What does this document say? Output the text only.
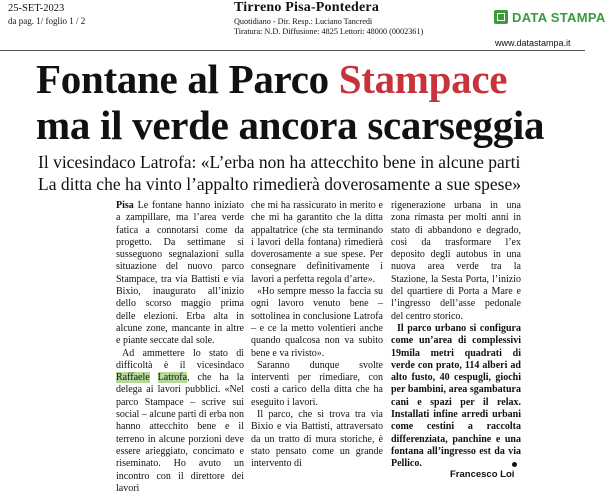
25-SET-2023
da pag. 1/ foglio 1 / 2
Tirreno Pisa-Pontedera
Quotidiano - Dir. Resp.: Luciano Tancredi
Tiratura: N.D. Diffusione: 4825 Lettori: 48000 (0002361)
DATA STAMPA
www.datastampa.it
Fontane al Parco Stampace
ma il verde ancora scarseggia
Il vicesindaco Latrofa: «L’erba non ha attecchito bene in alcune parti
La ditta che ha vinto l’appalto rimedierà doverosamente a sue spese»

Pisa Le fontane hanno iniziato a zampillare, ma l’area verde fatica a connotarsi come da progetto. Da settimane si susseguono segnalazioni sulla situazione del nuovo parco Stampace, tra via Battisti e via Bixio, inaugurato all’inizio dello scorso maggio prima delle elezioni. Erba alta in alcune zone, mancante in altre e piante seccate dal sole.

Ad ammettere lo stato di difficoltà è il vicesindaco Raffaele Latrofa, che ha la delega ai lavori pubblici. «Nel parco Stampace – scrive sui social – alcune parti di erba non hanno attecchito bene e il terreno in alcune porzioni deve essere arieggiato, concimato e riseminato. Ho avuto un incontro con il direttore dei lavori

che mi ha rassicurato in merito e che mi ha garantito che la ditta appaltatrice (che sta terminando i lavori della fontana) rimedierà doverosamente a sue spese. Per consegnare definitivamente i lavori a perfetta regola d’arte».

«Ho sempre messo la faccia su ogni lavoro venuto bene – sottolinea in conclusione Latrofa – e ce la metto volentieri anche quando qualcosa non va subito bene e va rivisto».

Saranno dunque svolte interventi per rimediare, con costi a carico della ditta che ha eseguito i lavori.

Il parco, che si trova tra via Bixio e via Battisti, attraversato da un tratto di mura storiche, è stato pensato come un grande intervento di

rigenerazione urbana in una zona rimasta per molti anni in stato di abbandono e degrado, così da trasformare l’ex deposito degli autobus in una nuova area verde tra la Stazione, la Sesta Porta, l’inizio del quartiere di Porta a Mare e l’ingresso dell’asse pedonale del centro storico.

Il parco urbano si configura come un’area di complessivi 19mila metri quadrati di verde con prato, 114 alberi ad alto fusto, 40 cespugli, giochi per bambini, area sgambatura cani e spazi per il relax. Installati infine arredi urbani come cestini a raccolta differenziata, panchine e una fontana all’ingresso est da via Pellico.

Francesco Loi
